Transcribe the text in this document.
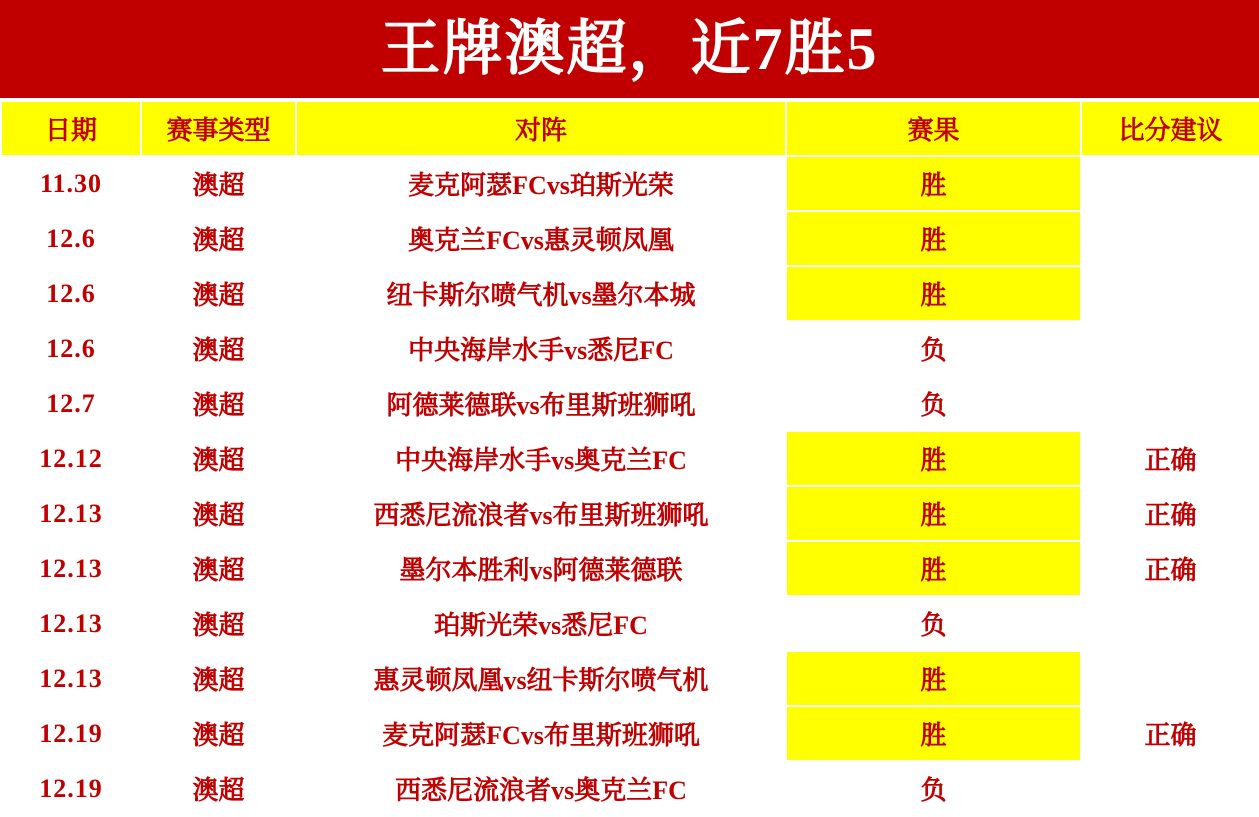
王牌澳超，近7胜5
日期	赛事类型	对阵	赛果	比分建议
11.30	澳超	麦克阿瑟FCvs珀斯光荣	胜	
12.6	澳超	奥克兰FCvs惠灵顿凤凰	胜	
12.6	澳超	纽卡斯尔喷气机vs墨尔本城	胜	
12.6	澳超	中央海岸水手vs悉尼FC	负	
12.7	澳超	阿德莱德联vs布里斯班狮吼	负	
12.12	澳超	中央海岸水手vs奥克兰FC	胜	正确
12.13	澳超	西悉尼流浪者vs布里斯班狮吼	胜	正确
12.13	澳超	墨尔本胜利vs阿德莱德联	胜	正确
12.13	澳超	珀斯光荣vs悉尼FC	负	
12.13	澳超	惠灵顿凤凰vs纽卡斯尔喷气机	胜	
12.19	澳超	麦克阿瑟FCvs布里斯班狮吼	胜	正确
12.19	澳超	西悉尼流浪者vs奥克兰FC	负	
